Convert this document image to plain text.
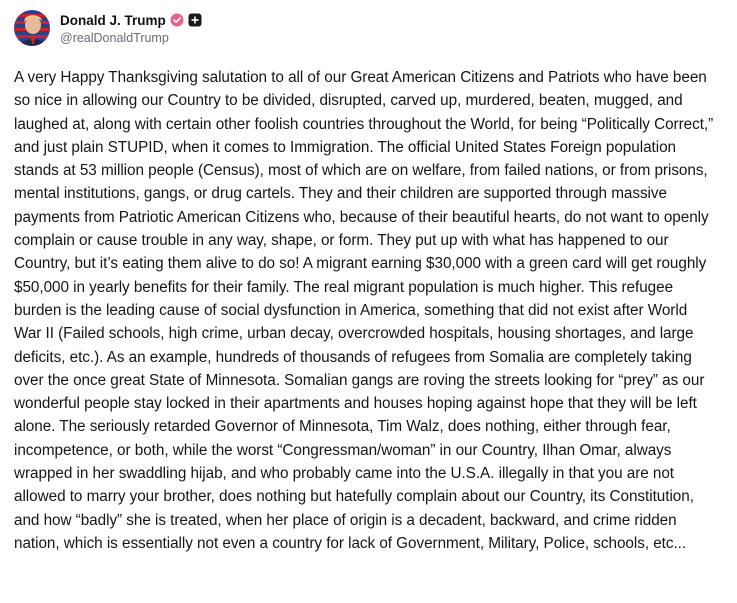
Donald J. Trump
@realDonaldTrump
A very Happy Thanksgiving salutation to all of our Great American Citizens and Patriots who have been so nice in allowing our Country to be divided, disrupted, carved up, murdered, beaten, mugged, and laughed at, along with certain other foolish countries throughout the World, for being “Politically Correct,” and just plain STUPID, when it comes to Immigration. The official United States Foreign population stands at 53 million people (Census), most of which are on welfare, from failed nations, or from prisons, mental institutions, gangs, or drug cartels. They and their children are supported through massive payments from Patriotic American Citizens who, because of their beautiful hearts, do not want to openly complain or cause trouble in any way, shape, or form. They put up with what has happened to our Country, but it’s eating them alive to do so! A migrant earning $30,000 with a green card will get roughly $50,000 in yearly benefits for their family. The real migrant population is much higher. This refugee burden is the leading cause of social dysfunction in America, something that did not exist after World War II (Failed schools, high crime, urban decay, overcrowded hospitals, housing shortages, and large deficits, etc.). As an example, hundreds of thousands of refugees from Somalia are completely taking over the once great State of Minnesota. Somalian gangs are roving the streets looking for “prey” as our wonderful people stay locked in their apartments and houses hoping against hope that they will be left alone. The seriously retarded Governor of Minnesota, Tim Walz, does nothing, either through fear, incompetence, or both, while the worst “Congressman/woman” in our Country, Ilhan Omar, always wrapped in her swaddling hijab, and who probably came into the U.S.A. illegally in that you are not allowed to marry your brother, does nothing but hatefully complain about our Country, its Constitution, and how “badly” she is treated, when her place of origin is a decadent, backward, and crime ridden nation, which is essentially not even a country for lack of Government, Military, Police, schools, etc...
